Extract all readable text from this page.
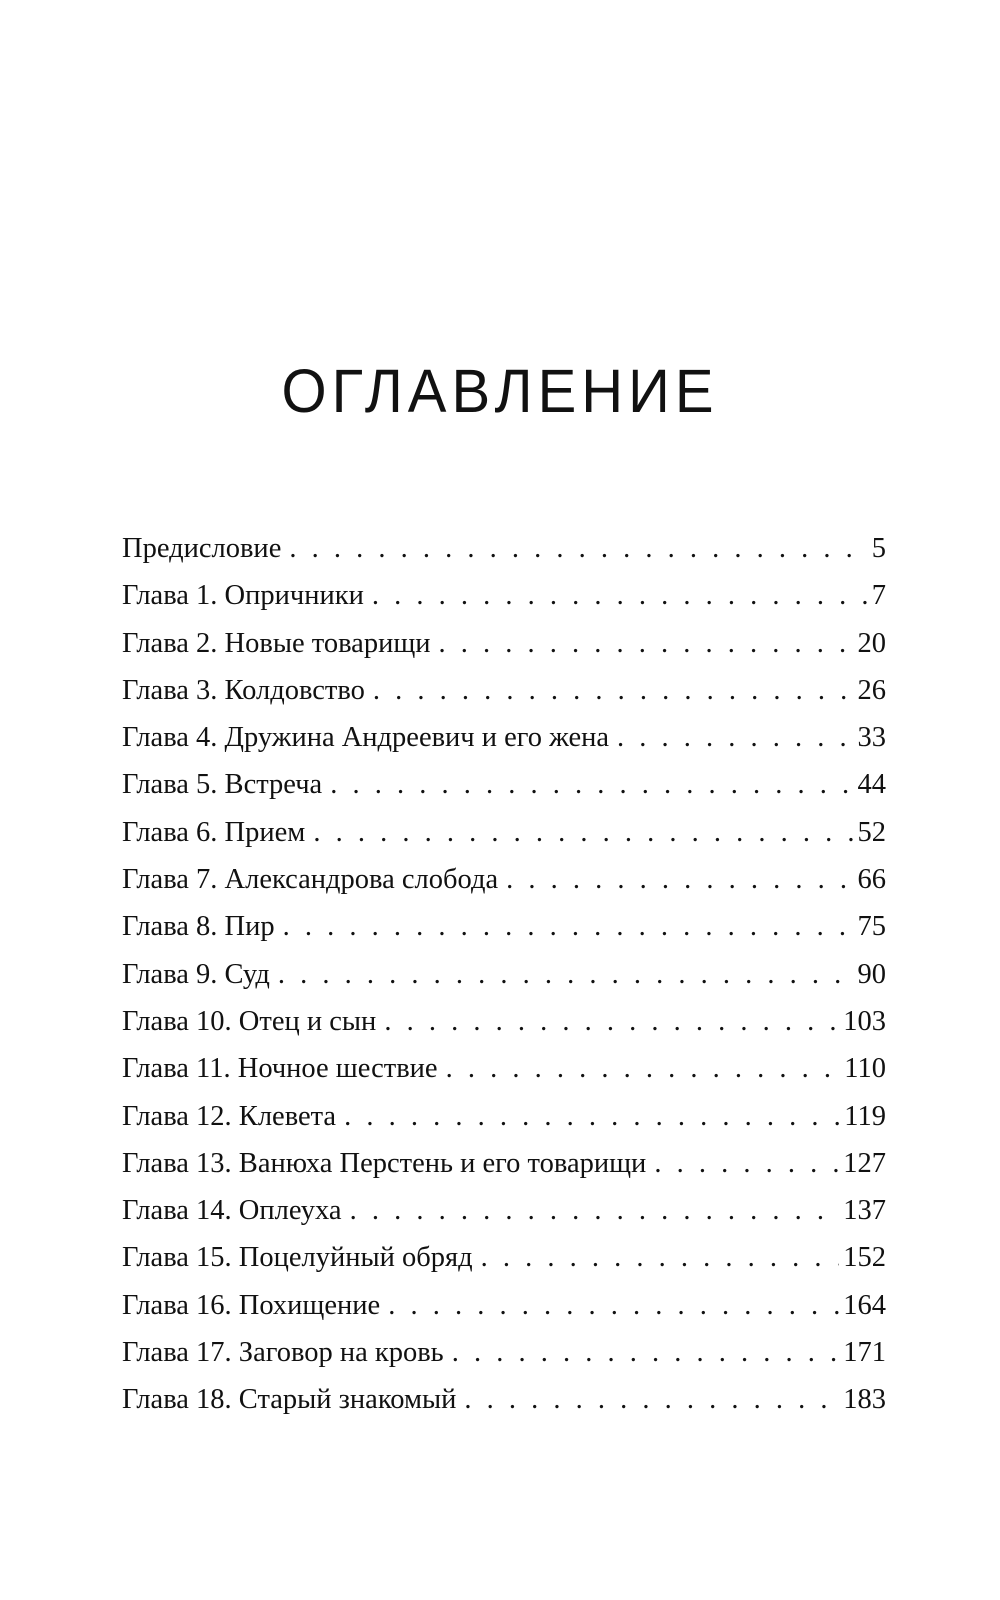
ОГЛАВЛЕНИЕ
Предисловие . . .	5
Глава 1. Опричники . . .	7
Глава 2. Новые товарищи . . .	20
Глава 3. Колдовство . . .	26
Глава 4. Дружина Андреевич и его жена . . .	33
Глава 5. Встреча . . .	44
Глава 6. Прием . . .	52
Глава 7. Александрова слобода . . .	66
Глава 8. Пир . . .	75
Глава 9. Суд . . .	90
Глава 10. Отец и сын . . .	103
Глава 11. Ночное шествие . . .	110
Глава 12. Клевета . . .	119
Глава 13. Ванюха Перстень и его товарищи . . .	127
Глава 14. Оплеуха . . .	137
Глава 15. Поцелуйный обряд . . .	152
Глава 16. Похищение . . .	164
Глава 17. Заговор на кровь . . .	171
Глава 18. Старый знакомый . . .	183
